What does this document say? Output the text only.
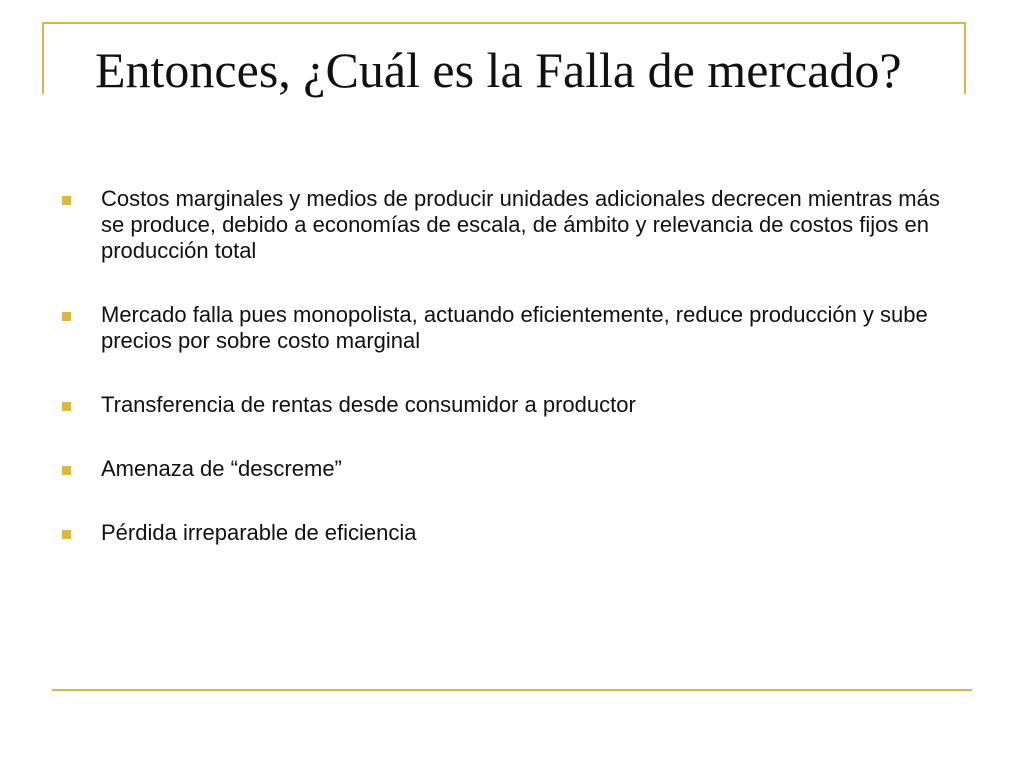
Entonces, ¿Cuál es la Falla de mercado?
Costos marginales y medios de producir unidades adicionales decrecen mientras más se produce, debido a economías de escala, de ámbito y relevancia de costos fijos en producción total
Mercado falla pues monopolista, actuando eficientemente, reduce producción y sube precios por sobre costo marginal
Transferencia de rentas desde consumidor a productor
Amenaza de “descreme”
Pérdida irreparable de eficiencia
